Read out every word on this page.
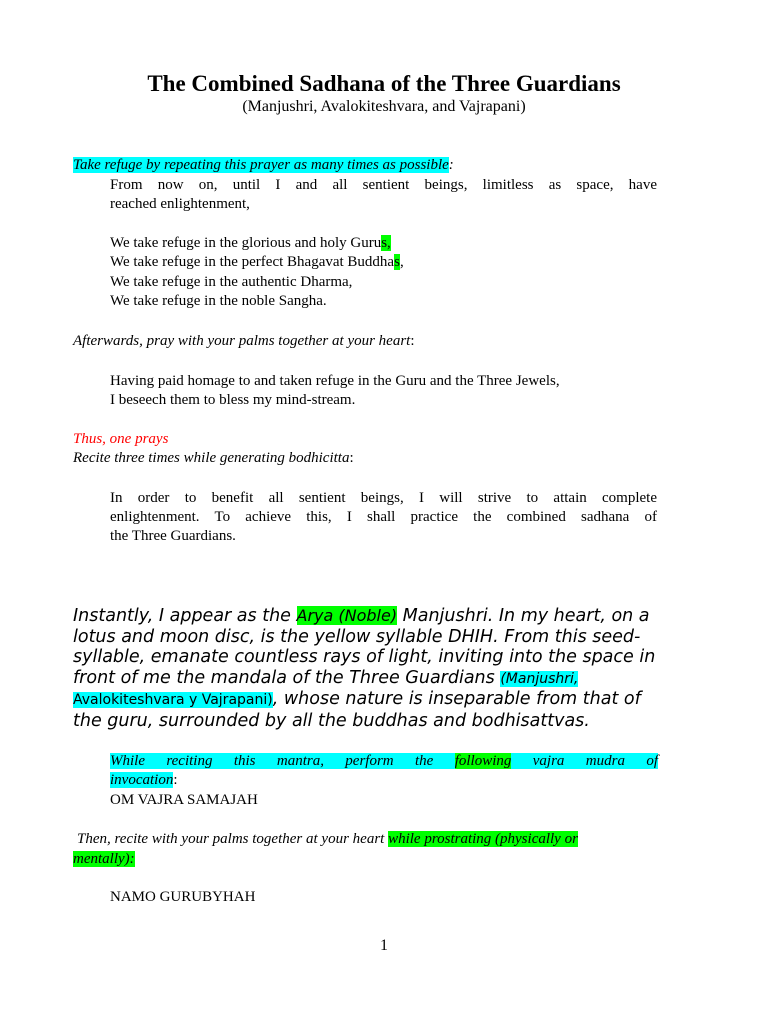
The Combined Sadhana of the Three Guardians

(Manjushri, Avalokiteshvara, and Vajrapani)

Take refuge by repeating this prayer as many times as possible:

From now on, until I and all sentient beings, limitless as space, have

reached enlightenment,

We take refuge in the glorious and holy Gurus,

We take refuge in the perfect Bhagavat Buddhas,

We take refuge in the authentic Dharma,

We take refuge in the noble Sangha.

Afterwards, pray with your palms together at your heart:

Having paid homage to and taken refuge in the Guru and the Three Jewels,

I beseech them to bless my mind-stream.

Thus, one prays

Recite three times while generating bodhicitta:

In order to benefit all sentient beings, I will strive to attain complete

enlightenment. To achieve this, I shall practice the combined sadhana of

the Three Guardians.

Instantly, I appear as the Arya (Noble) Manjushri. In my heart, on a
lotus and moon disc, is the yellow syllable DHIH. From this seed-
syllable, emanate countless rays of light, inviting into the space in
front of me the mandala of the Three Guardians (Manjushri,
Avalokiteshvara y Vajrapani), whose nature is inseparable from that of
the guru, surrounded by all the buddhas and bodhisattvas.

While reciting this mantra, perform the following vajra mudra of

invocation:

OM VAJRA SAMAJAH

Then, recite with your palms together at your heart while prostrating (physically or

mentally):

NAMO GURUBYHAH

1
